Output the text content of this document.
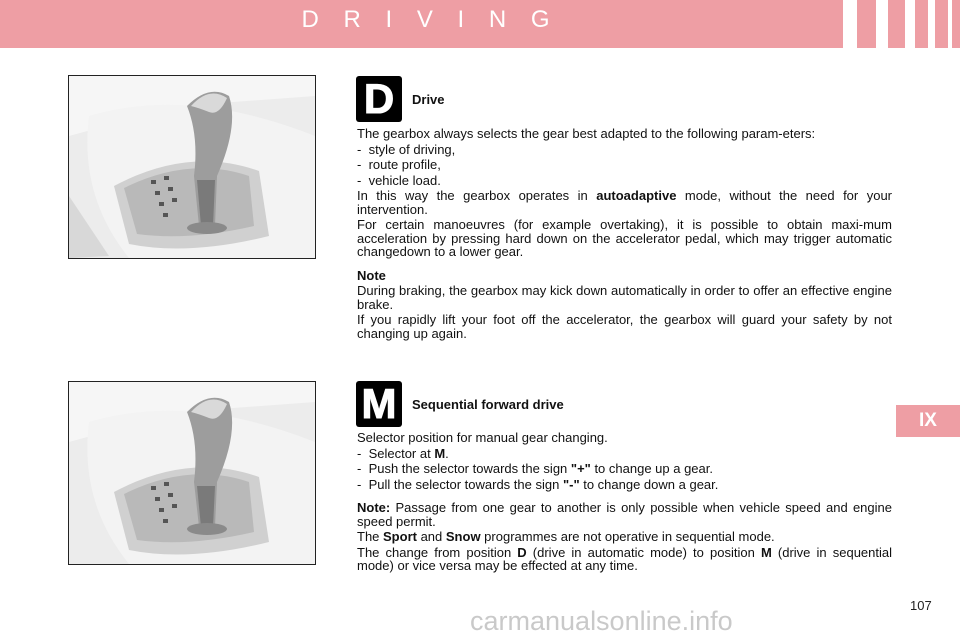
D R I V I N G
D Drive

The gearbox always selects the gear best adapted to the following param-eters:

-  style of driving,
-  route profile,
-  vehicle load.

In this way the gearbox operates in autoadaptive mode, without the need for your intervention.

For certain manoeuvres (for example overtaking), it is possible to obtain maxi-mum acceleration by pressing hard down on the accelerator pedal, which may trigger automatic changedown to a lower gear.

Note

During braking, the gearbox may kick down automatically in order to offer an effective engine brake.

If you rapidly lift your foot off the accelerator, the gearbox will guard your safety by not changing up again.

M Sequential forward drive

Selector position for manual gear changing.

-  Selector at M.
-  Push the selector towards the sign "+" to change up a gear.
-  Pull the selector towards the sign "-" to change down a gear.

Note: Passage from one gear to another is only possible when vehicle speed and engine speed permit.

The Sport and Snow programmes are not operative in sequential mode.

The change from position D (drive in automatic mode) to position M (drive in sequential mode) or vice versa may be effected at any time.

IX
107
carmanualsonline.info
